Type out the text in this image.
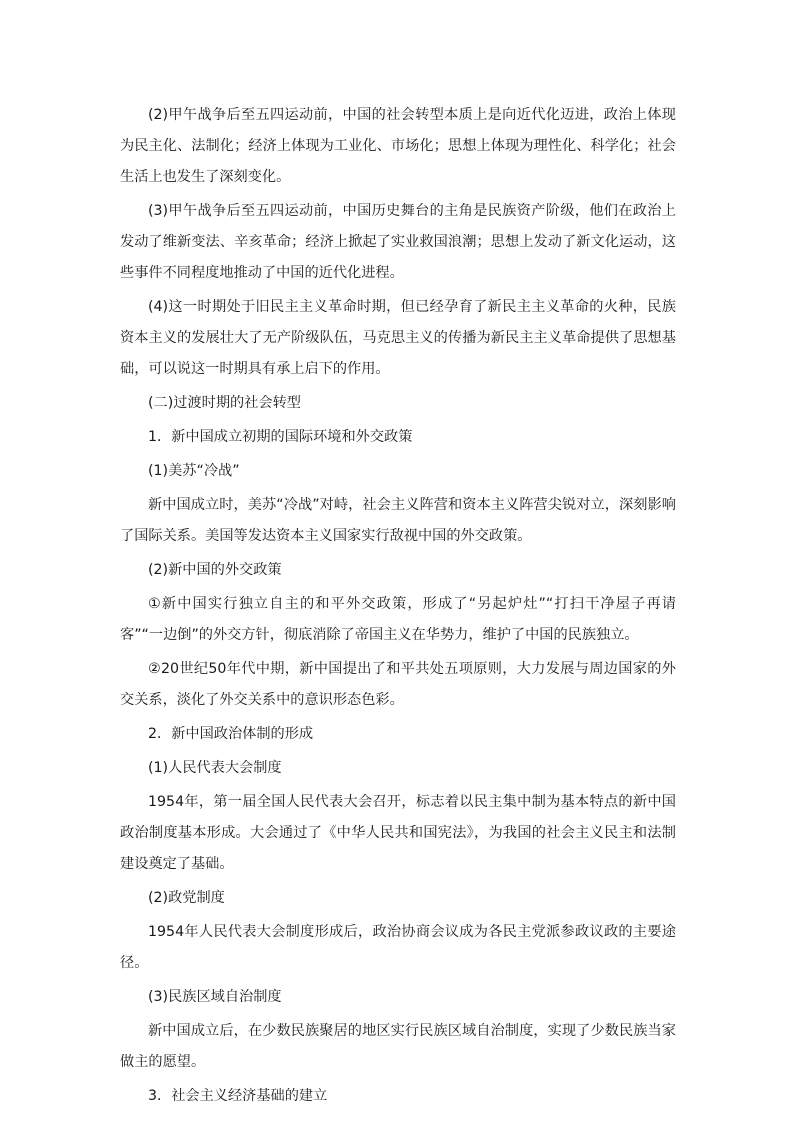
(2)甲午战争后至五四运动前，中国的社会转型本质上是向近代化迈进，政治上体现为民主化、法制化；经济上体现为工业化、市场化；思想上体现为理性化、科学化；社会生活上也发生了深刻变化。

(3)甲午战争后至五四运动前，中国历史舞台的主角是民族资产阶级，他们在政治上发动了维新变法、辛亥革命；经济上掀起了实业救国浪潮；思想上发动了新文化运动，这些事件不同程度地推动了中国的近代化进程。

(4)这一时期处于旧民主主义革命时期，但已经孕育了新民主主义革命的火种，民族资本主义的发展壮大了无产阶级队伍，马克思主义的传播为新民主主义革命提供了思想基础，可以说这一时期具有承上启下的作用。

(二)过渡时期的社会转型

1．新中国成立初期的国际环境和外交政策

(1)美苏“冷战”

新中国成立时，美苏“冷战”对峙，社会主义阵营和资本主义阵营尖锐对立，深刻影响了国际关系。美国等发达资本主义国家实行敌视中国的外交政策。

(2)新中国的外交政策

①新中国实行独立自主的和平外交政策，形成了“另起炉灶”“打扫干净屋子再请客”“一边倒”的外交方针，彻底消除了帝国主义在华势力，维护了中国的民族独立。

②20世纪50年代中期，新中国提出了和平共处五项原则，大力发展与周边国家的外交关系，淡化了外交关系中的意识形态色彩。

2．新中国政治体制的形成

(1)人民代表大会制度

1954年，第一届全国人民代表大会召开，标志着以民主集中制为基本特点的新中国政治制度基本形成。大会通过了《中华人民共和国宪法》，为我国的社会主义民主和法制建设奠定了基础。

(2)政党制度

1954年人民代表大会制度形成后，政治协商会议成为各民主党派参政议政的主要途径。

(3)民族区域自治制度

新中国成立后，在少数民族聚居的地区实行民族区域自治制度，实现了少数民族当家做主的愿望。

3．社会主义经济基础的建立
